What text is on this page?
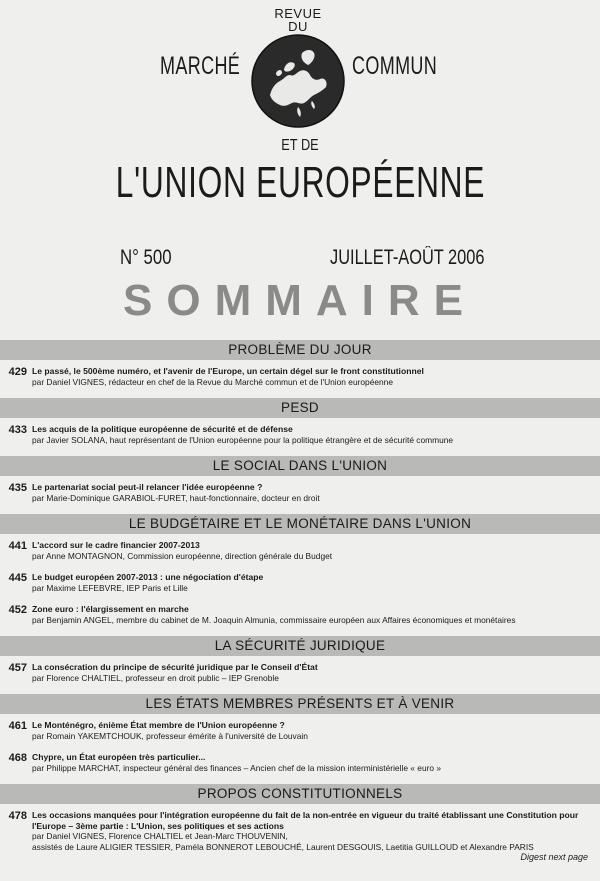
REVUE DU
MARCHÉ	COMMUN
ET DE
L'UNION EUROPÉENNE
N° 500	JUILLET-AOÛT 2006
SOMMAIRE
PROBLÈME DU JOUR
429 Le passé, le 500ème numéro, et l'avenir de l'Europe, un certain dégel sur le front constitutionnel
par Daniel VIGNES, rédacteur en chef de la Revue du Marché commun et de l'Union européenne
PESD
433 Les acquis de la politique européenne de sécurité et de défense
par Javier SOLANA, haut représentant de l'Union européenne pour la politique étrangère et de sécurité commune
LE SOCIAL DANS L'UNION
435 Le partenariat social peut-il relancer l'idée européenne ?
par Marie-Dominique GARABIOL-FURET, haut-fonctionnaire, docteur en droit
LE BUDGÉTAIRE ET LE MONÉTAIRE DANS L'UNION
441 L'accord sur le cadre financier 2007-2013
par Anne MONTAGNON, Commission européenne, direction générale du Budget
445 Le budget européen 2007-2013 : une négociation d'étape
par Maxime LEFEBVRE, IEP Paris et Lille
452 Zone euro : l'élargissement en marche
par Benjamin ANGEL, membre du cabinet de M. Joaquin Almunia, commissaire européen aux Affaires économiques et monétaires
LA SÉCURITÉ JURIDIQUE
457 La consécration du principe de sécurité juridique par le Conseil d'État
par Florence CHALTIEL, professeur en droit public – IEP Grenoble
LES ÉTATS MEMBRES PRÉSENTS ET À VENIR
461 Le Monténégro, énième État membre de l'Union européenne ?
par Romain YAKEMTCHOUK, professeur émérite à l'université de Louvain
468 Chypre, un État européen très particulier...
par Philippe MARCHAT, inspecteur général des finances – Ancien chef de la mission interministérielle « euro »
PROPOS CONSTITUTIONNELS
478 Les occasions manquées pour l'intégration européenne du fait de la non-entrée en vigueur du traité établissant une Constitution pour l'Europe – 3ème partie : L'Union, ses politiques et ses actions
par Daniel VIGNES, Florence CHALTIEL et Jean-Marc THOUVENIN,
assistés de Laure ALIGIER TESSIER, Paméla BONNEROT LEBOUCHÉ, Laurent DESGOUIS, Laetitia GUILLOUD et Alexandre PARIS
Digest next page
